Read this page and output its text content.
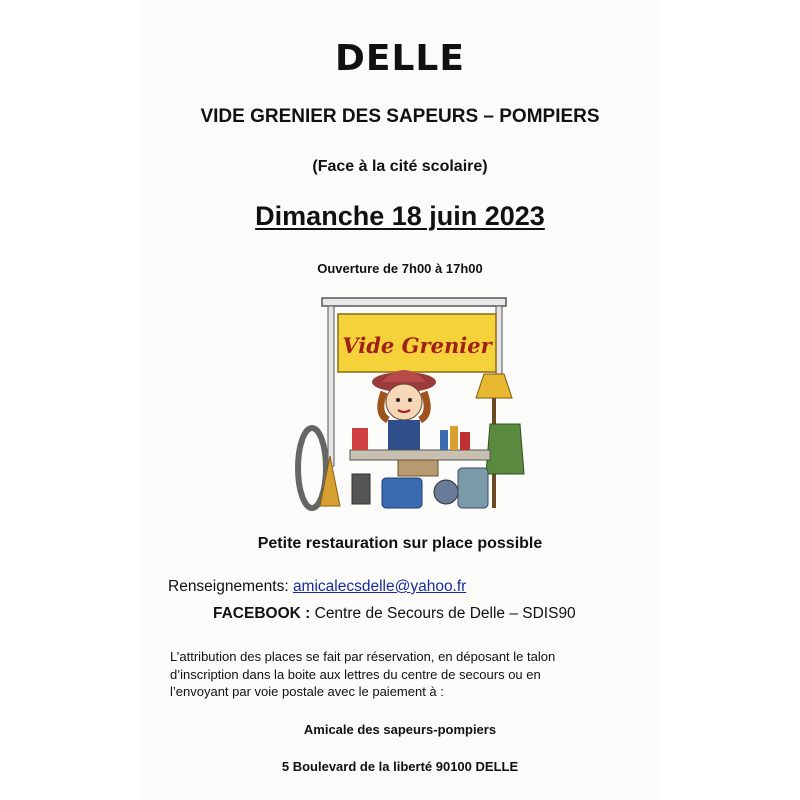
DELLE
VIDE GRENIER DES SAPEURS – POMPIERS
(Face à la cité scolaire)
Dimanche 18 juin 2023
Ouverture de 7h00 à 17h00
Vide Grenier
Petite restauration sur place possible
Renseignements: amicalecsdelle@yahoo.fr
FACEBOOK : Centre de Secours de Delle – SDIS90
L’attribution des places se fait par réservation, en déposant le talon
d’inscription dans la boite aux lettres du centre de secours ou en
l’envoyant par voie postale avec le paiement à :
Amicale des sapeurs-pompiers
5 Boulevard de la liberté 90100 DELLE
